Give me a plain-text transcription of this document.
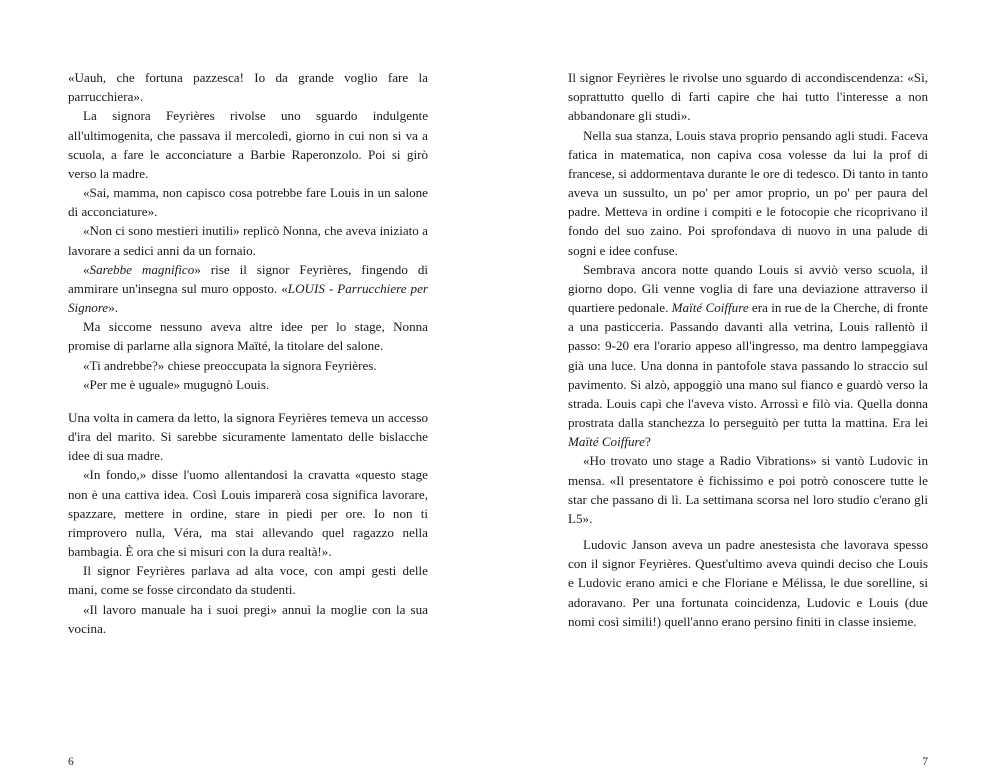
«Uauh, che fortuna pazzesca! Io da grande voglio fare la parrucchiera».

La signora Feyrières rivolse uno sguardo indulgente all'ultimogenita, che passava il mercoledì, giorno in cui non si va a scuola, a fare le acconciature a Barbie Raperonzolo. Poi si girò verso la madre.

«Sai, mamma, non capisco cosa potrebbe fare Louis in un salone di acconciature».

«Non ci sono mestieri inutili» replicò Nonna, che aveva iniziato a lavorare a sedici anni da un fornaio.

«Sarebbe magnifico» rise il signor Feyrières, fingendo di ammirare un'insegna sul muro opposto. «LOUIS - Parrucchiere per Signore».

Ma siccome nessuno aveva altre idee per lo stage, Nonna promise di parlarne alla signora Maïté, la titolare del salone.

«Ti andrebbe?» chiese preoccupata la signora Feyrières.

«Per me è uguale» mugugnò Louis.

Una volta in camera da letto, la signora Feyrières temeva un accesso d'ira del marito. Si sarebbe sicuramente lamentato delle bislacche idee di sua madre.

«In fondo,» disse l'uomo allentandosi la cravatta «questo stage non è una cattiva idea. Così Louis imparerà cosa significa lavorare, spazzare, mettere in ordine, stare in piedi per ore. Io non ti rimprovero nulla, Véra, ma stai allevando quel ragazzo nella bambagia. È ora che si misuri con la dura realtà!».

Il signor Feyrières parlava ad alta voce, con ampi gesti delle mani, come se fosse circondato da studenti.

«Il lavoro manuale ha i suoi pregi» annuì la moglie con la sua vocina.

6

Il signor Feyrières le rivolse uno sguardo di accondiscendenza: «Sì, soprattutto quello di farti capire che hai tutto l'interesse a non abbandonare gli studi».

Nella sua stanza, Louis stava proprio pensando agli studi. Faceva fatica in matematica, non capiva cosa volesse da lui la prof di francese, si addormentava durante le ore di tedesco. Di tanto in tanto aveva un sussulto, un po' per amor proprio, un po' per paura del padre. Metteva in ordine i compiti e le fotocopie che ricoprivano il fondo del suo zaino. Poi sprofondava di nuovo in una palude di sogni e idee confuse.

Sembrava ancora notte quando Louis si avviò verso scuola, il giorno dopo. Gli venne voglia di fare una deviazione attraverso il quartiere pedonale. Maïté Coiffure era in rue de la Cherche, di fronte a una pasticceria. Passando davanti alla vetrina, Louis rallentò il passo: 9-20 era l'orario appeso all'ingresso, ma dentro lampeggiava già una luce. Una donna in pantofole stava passando lo straccio sul pavimento. Si alzò, appoggiò una mano sul fianco e guardò verso la strada. Louis capì che l'aveva visto. Arrossì e filò via. Quella donna prostrata dalla stanchezza lo perseguitò per tutta la mattina. Era lei Maïté Coiffure?

«Ho trovato uno stage a Radio Vibrations» si vantò Ludovic in mensa. «Il presentatore è fichissimo e poi potrò conoscere tutte le star che passano di lì. La settimana scorsa nel loro studio c'erano gli L5».

Ludovic Janson aveva un padre anestesista che lavorava spesso con il signor Feyrières. Quest'ultimo aveva quindi deciso che Louis e Ludovic erano amici e che Floriane e Mélissa, le due sorelline, si adoravano. Per una fortunata coincidenza, Ludovic e Louis (due nomi così simili!) quell'anno erano persino finiti in classe insieme.

7
